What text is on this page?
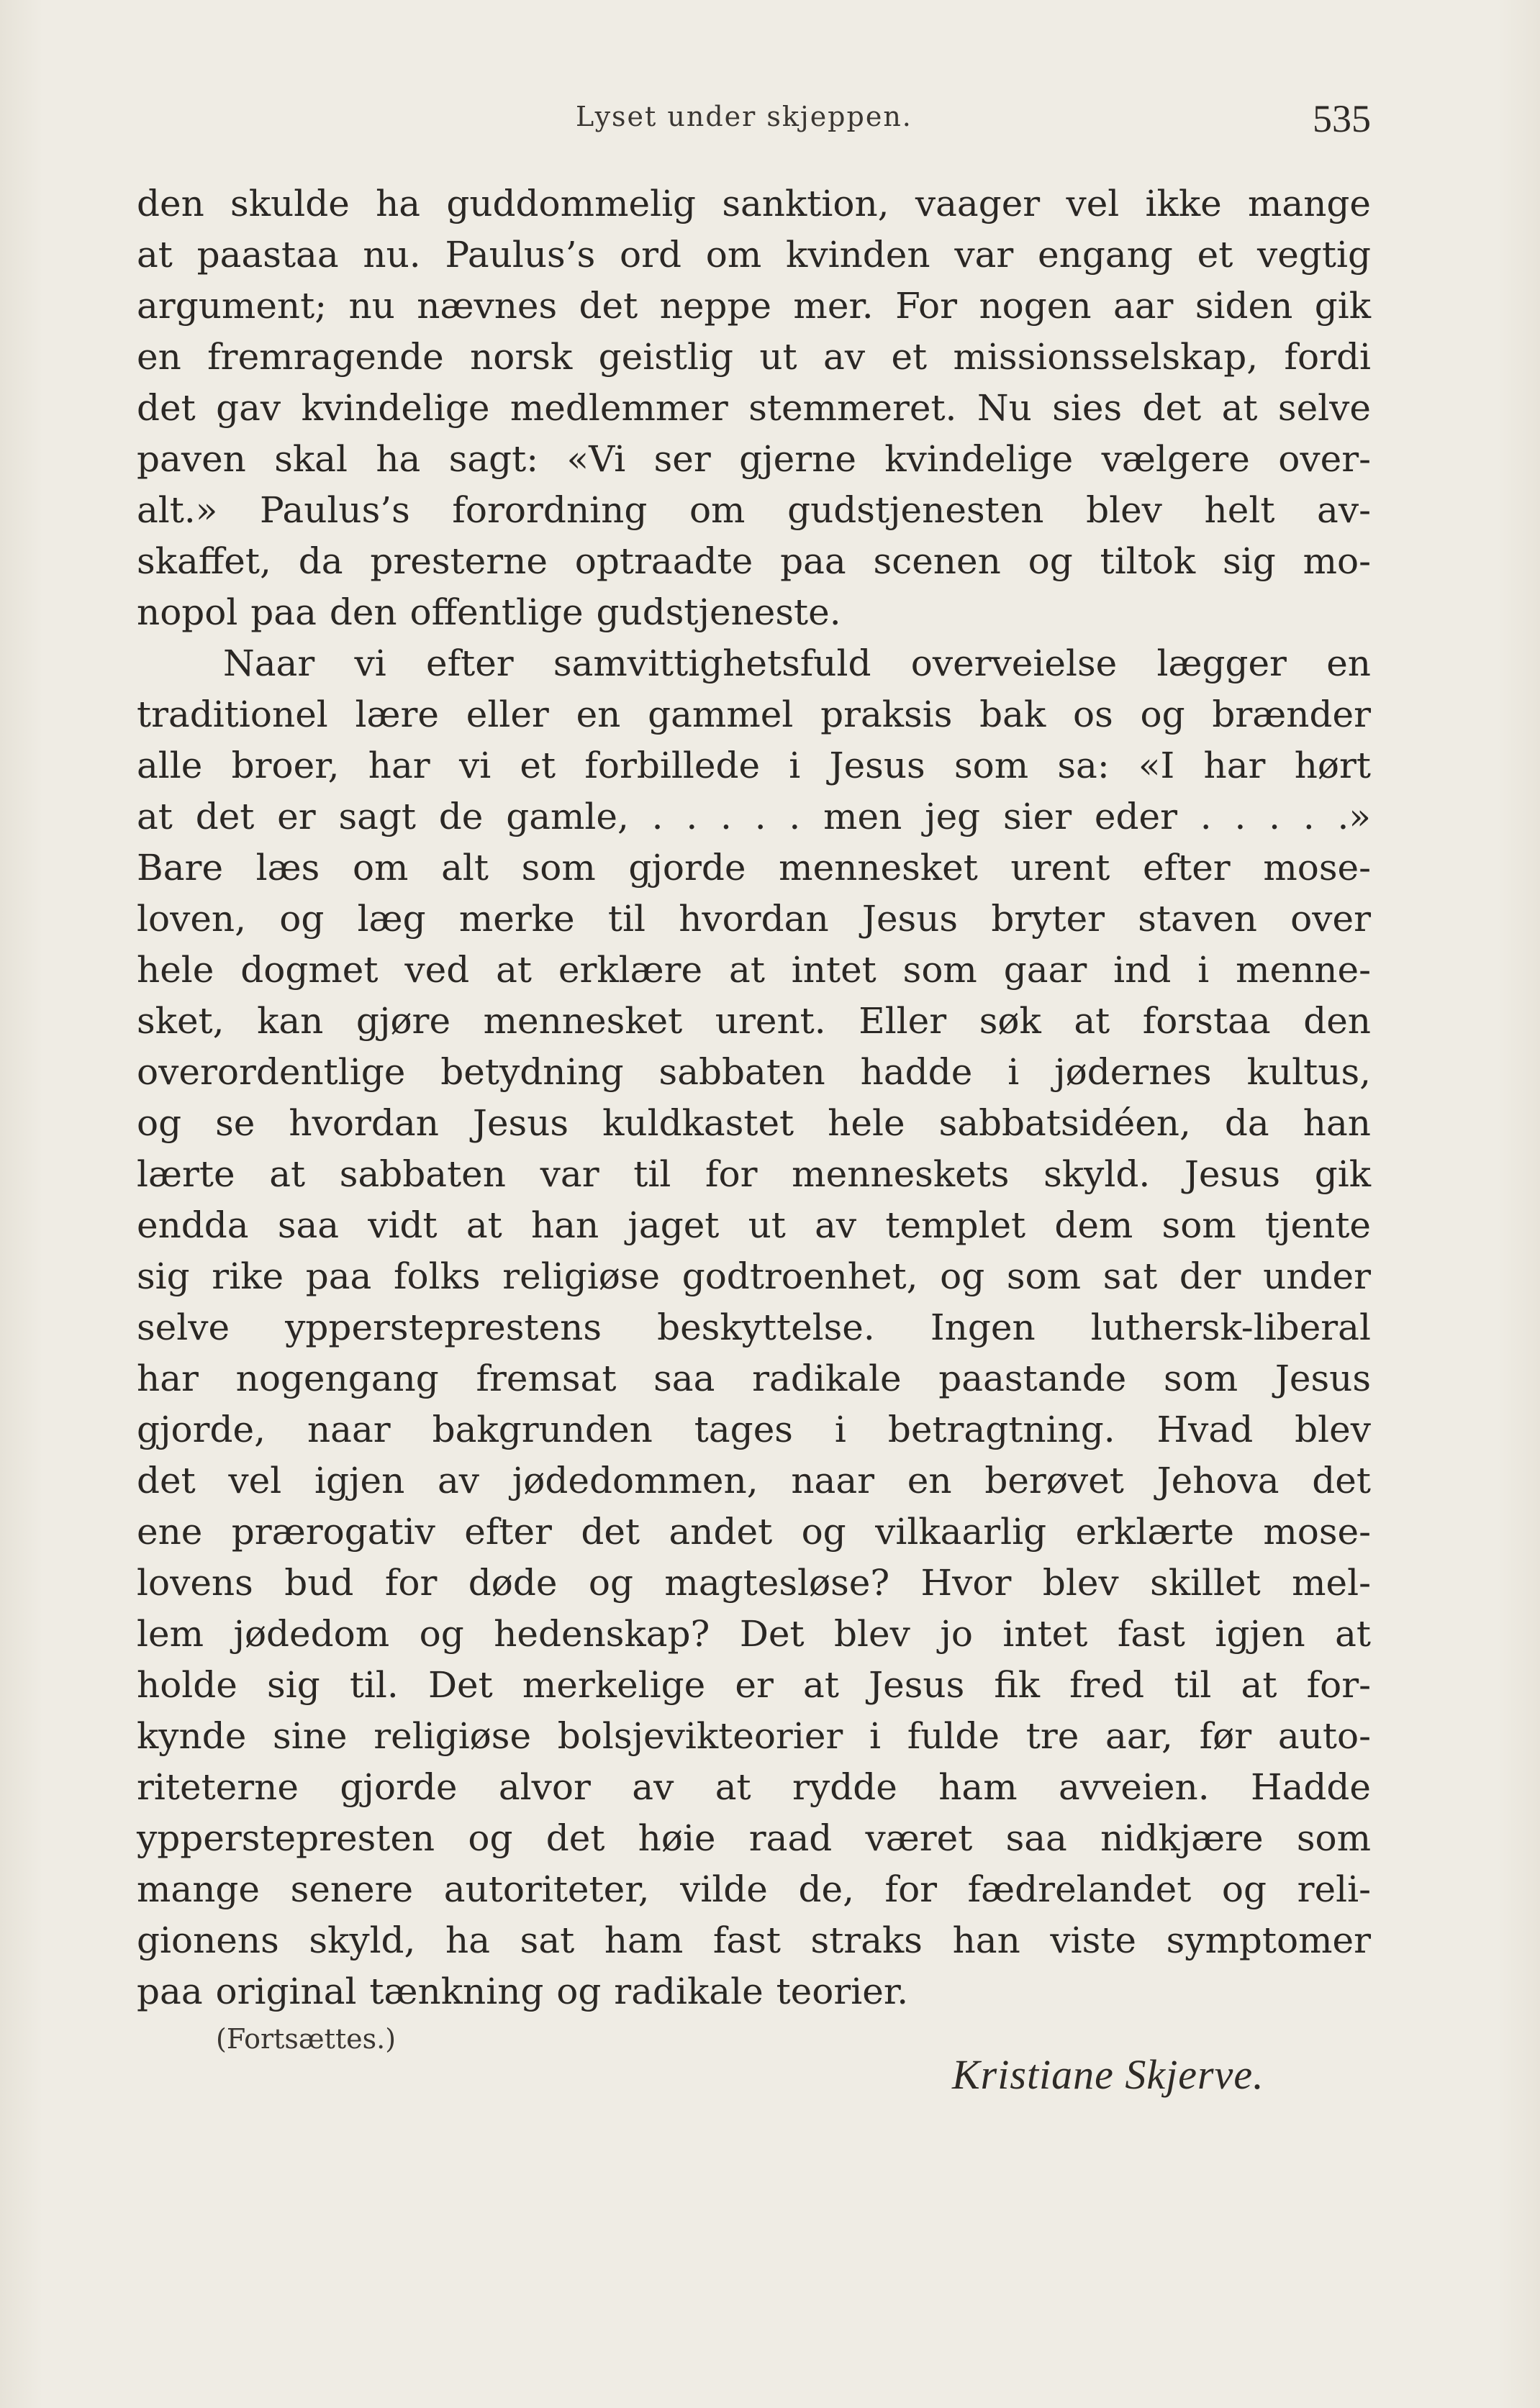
Lyset under skjeppen.	535
den skulde ha guddommelig sanktion, vaager vel ikke mange
at paastaa nu. Paulus’s ord om kvinden var engang et vegtig
argument; nu nævnes det neppe mer. For nogen aar siden gik
en fremragende norsk geistlig ut av et missionsselskap, fordi
det gav kvindelige medlemmer stemmeret. Nu sies det at selve
paven skal ha sagt: «Vi ser gjerne kvindelige vælgere over-
alt.» Paulus’s forordning om gudstjenesten blev helt av-
skaffet, da presterne optraadte paa scenen og tiltok sig mo-
nopol paa den offentlige gudstjeneste.
Naar vi efter samvittighetsfuld overveielse lægger en
traditionel lære eller en gammel praksis bak os og brænder
alle broer, har vi et forbillede i Jesus som sa: «I har hørt
at det er sagt de gamle, . . . . . men jeg sier eder . . . . .»
Bare læs om alt som gjorde mennesket urent efter mose-
loven, og læg merke til hvordan Jesus bryter staven over
hele dogmet ved at erklære at intet som gaar ind i menne-
sket, kan gjøre mennesket urent. Eller søk at forstaa den
overordentlige betydning sabbaten hadde i jødernes kultus,
og se hvordan Jesus kuldkastet hele sabbatsidéen, da han
lærte at sabbaten var til for menneskets skyld. Jesus gik
endda saa vidt at han jaget ut av templet dem som tjente
sig rike paa folks religiøse godtroenhet, og som sat der under
selve yppersteprestens beskyttelse. Ingen luthersk-liberal
har nogengang fremsat saa radikale paastande som Jesus
gjorde, naar bakgrunden tages i betragtning. Hvad blev
det vel igjen av jødedommen, naar en berøvet Jehova det
ene prærogativ efter det andet og vilkaarlig erklærte mose-
lovens bud for døde og magtesløse? Hvor blev skillet mel-
lem jødedom og hedenskap? Det blev jo intet fast igjen at
holde sig til. Det merkelige er at Jesus fik fred til at for-
kynde sine religiøse bolsjevikteorier i fulde tre aar, før auto-
riteterne gjorde alvor av at rydde ham avveien. Hadde
ypperstepresten og det høie raad været saa nidkjære som
mange senere autoriteter, vilde de, for fædrelandet og reli-
gionens skyld, ha sat ham fast straks han viste symptomer
paa original tænkning og radikale teorier.
(Fortsættes.)
Kristiane Skjerve.
